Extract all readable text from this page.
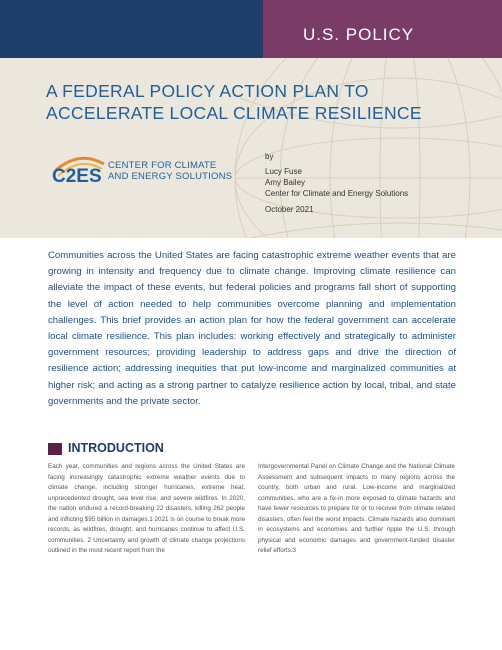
U.S. POLICY
A FEDERAL POLICY ACTION PLAN TO
ACCELERATE LOCAL CLIMATE RESILIENCE
C2ES
CENTER FOR CLIMATE
AND ENERGY SOLUTIONS
by
Lucy Fuse
Amy Bailey
Center for Climate and Energy Solutions
October 2021

Communities across the United States are facing catastrophic extreme weather events that are growing in intensity and frequency due to climate change. Improving climate resilience can alleviate the impact of these events, but federal policies and programs fall short of supporting the level of action needed to help communities overcome planning and implementation challenges. This brief provides an action plan for how the federal government can accelerate local climate resilience. This plan includes: working effectively and strategically to administer government resources; providing leadership to address gaps and drive the direction of resilience action; addressing inequities that put low-income and marginalized communities at higher risk; and acting as a strong partner to catalyze resilience action by local, tribal, and state governments and the private sector.

INTRODUCTION

Each year, communities and regions across the United States are facing increasingly catastrophic extreme weather events due to climate change, including stronger hurricanes, extreme heat, unprecedented drought, sea level rise, and severe wildfires. In 2020, the nation endured a record-breaking 22 disasters, killing 262 people and inflicting $95 billion in damages.1 2021 is on course to break more records, as wildfires, drought, and hurricanes continue to affect U.S. communities. 2 Uncertainty and growth of climate change projections outlined in the most recent report from the

Intergovernmental Panel on Climate Change and the National Climate Assessment and subsequent impacts to many regions across the country, both urban and rural. Low-income and marginalized communities, who are a fix-in more exposed to climate hazards and have fewer resources to prepare for or to recover from climate related disasters, often feel the worst impacts. Climate hazards also dominant in ecosystems and economies and further ripple the U.S. through physical and economic damages and government-funded disaster relief efforts.3
